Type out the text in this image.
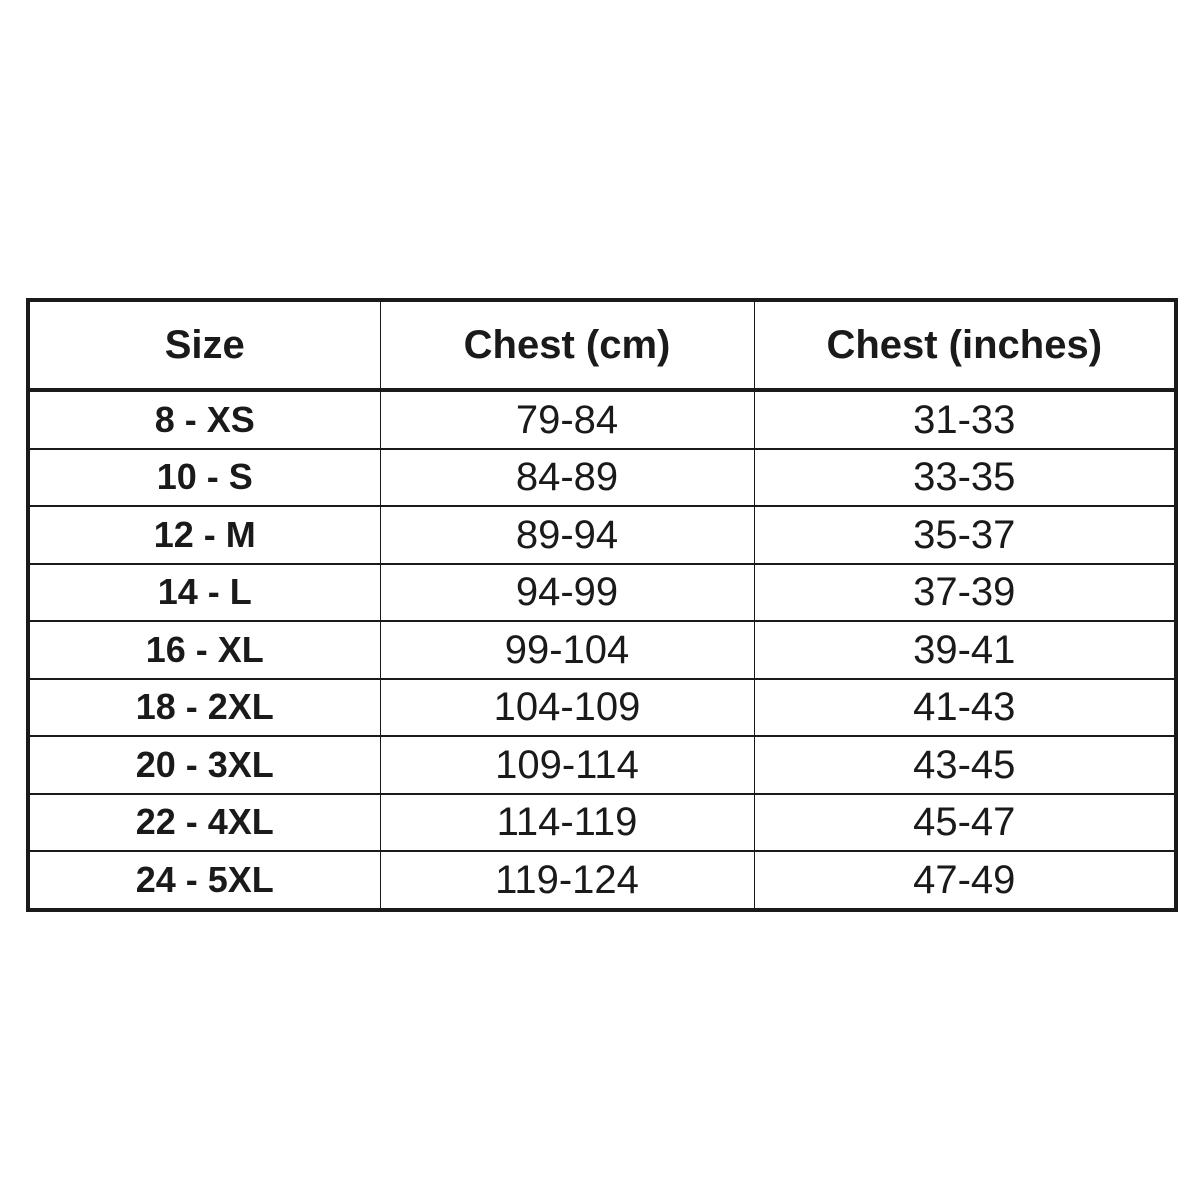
Size	Chest (cm)	Chest (inches)
8 - XS	79-84	31-33
10 - S	84-89	33-35
12 - M	89-94	35-37
14 - L	94-99	37-39
16 - XL	99-104	39-41
18 - 2XL	104-109	41-43
20 - 3XL	109-114	43-45
22 - 4XL	114-119	45-47
24 - 5XL	119-124	47-49
